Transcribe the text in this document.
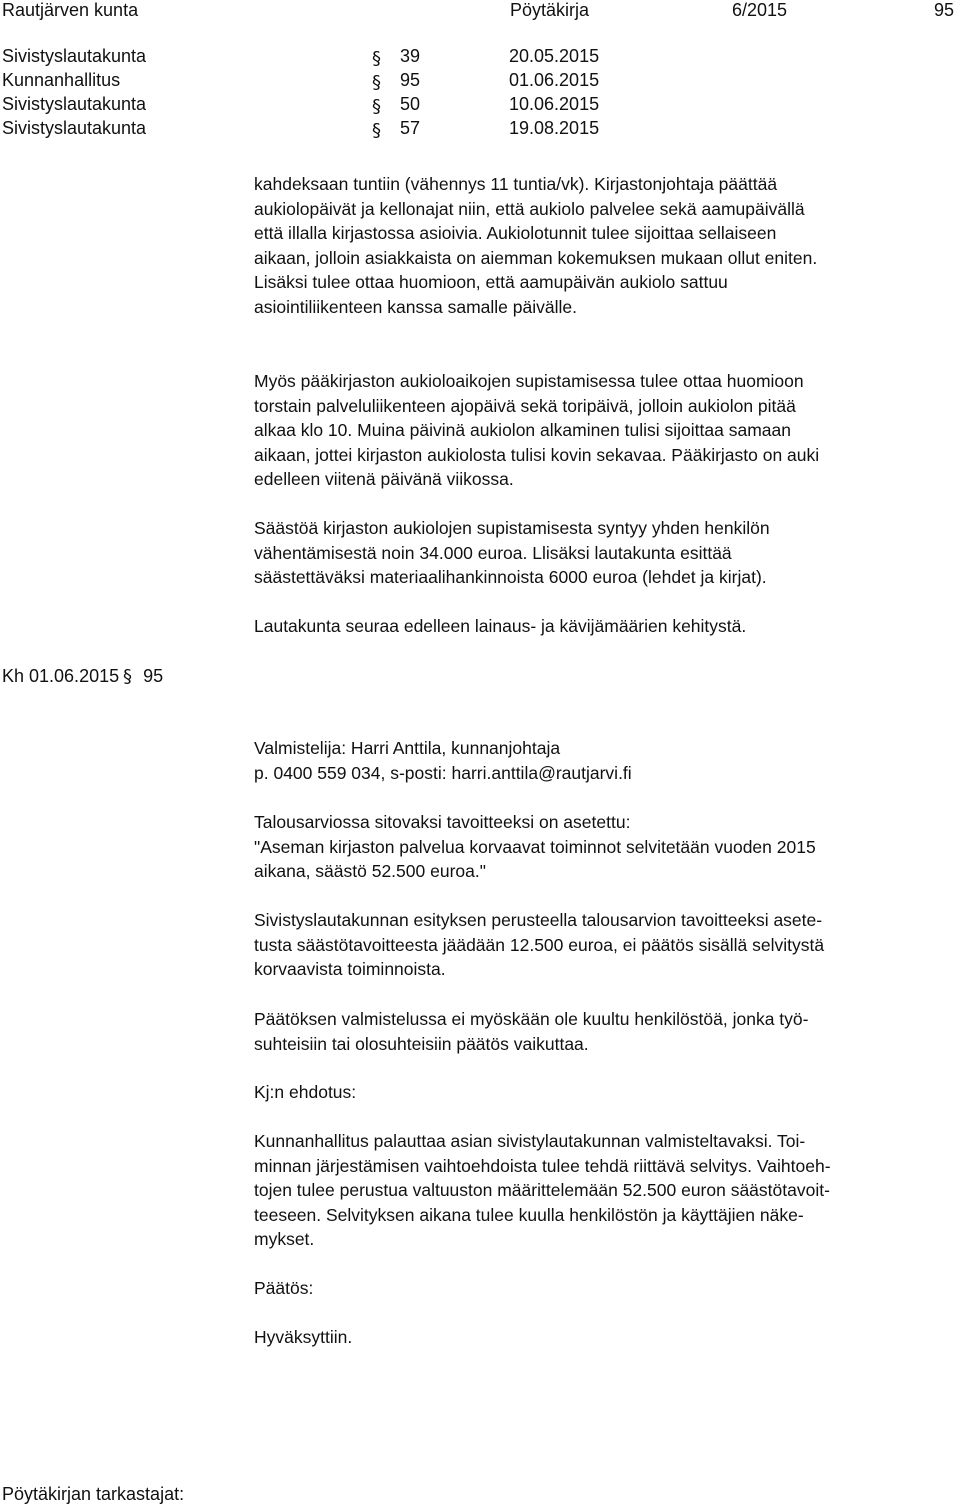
Rautjärven kunta	Pöytäkirja	6/2015	95
Sivistyslautakunta	§ 39	20.05.2015
Kunnanhallitus	§ 95	01.06.2015
Sivistyslautakunta	§ 50	10.06.2015
Sivistyslautakunta	§ 57	19.08.2015
kahdeksaan tuntiin (vähennys 11 tuntia/vk). Kirjastonjohtaja päättää
aukiolopäivät ja kellonajat niin, että aukiolo palvelee sekä aamupäivällä
että illalla kirjastossa asioivia. Aukiolotunnit tulee sijoittaa sellaiseen
aikaan, jolloin asiakkaista on aiemman kokemuksen mukaan ollut eniten.
Lisäksi tulee ottaa huomioon, että aamupäivän aukiolo sattuu
asiointiliikenteen kanssa samalle päivälle.
Myös pääkirjaston aukioloaikojen supistamisessa tulee ottaa huomioon
torstain palveluliikenteen ajopäivä sekä toripäivä, jolloin aukiolon pitää
alkaa klo 10. Muina päivinä aukiolon alkaminen tulisi sijoittaa samaan
aikaan, jottei kirjaston aukiolosta tulisi kovin sekavaa. Pääkirjasto on auki
edelleen viitenä päivänä viikossa.
Säästöä kirjaston aukiolojen supistamisesta syntyy yhden henkilön
vähentämisestä noin 34.000 euroa. Llisäksi lautakunta esittää
säästettäväksi materiaalihankinnoista 6000 euroa (lehdet ja kirjat).
Lautakunta seuraa edelleen lainaus- ja kävijämäärien kehitystä.
Kh 01.06.2015 § 95
Valmistelija: Harri Anttila, kunnanjohtaja
p. 0400 559 034, s-posti: harri.anttila@rautjarvi.fi
Talousarviossa sitovaksi tavoitteeksi on asetettu:
"Aseman kirjaston palvelua korvaavat toiminnot selvitetään vuoden 2015
aikana, säästö 52.500 euroa."
Sivistyslautakunnan esityksen perusteella talousarvion tavoitteeksi asete-
tusta säästötavoitteesta jäädään 12.500 euroa, ei päätös sisällä selvitystä
korvaavista toiminnoista.
Päätöksen valmistelussa ei myöskään ole kuultu henkilöstöä, jonka työ-
suhteisiin tai olosuhteisiin päätös vaikuttaa.
Kj:n ehdotus:
Kunnanhallitus palauttaa asian sivistylautakunnan valmisteltavaksi. Toi-
minnan järjestämisen vaihtoehdoista tulee tehdä riittävä selvitys. Vaihtoeh-
tojen tulee perustua valtuuston määrittelemään 52.500 euron säästötavoit-
teeseen. Selvityksen aikana tulee kuulla henkilöstön ja käyttäjien näke-
mykset.
Päätös:
Hyväksyttiin.
Pöytäkirjan tarkastajat:
